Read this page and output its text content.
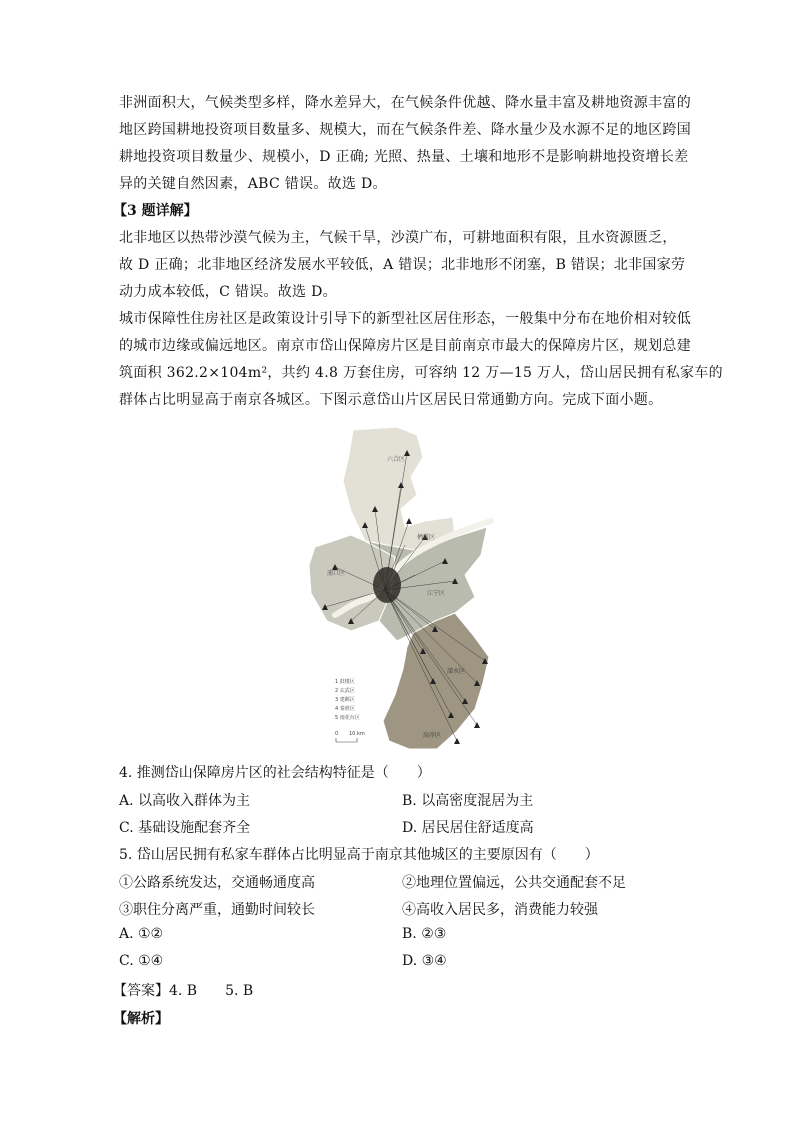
非洲面积大，气候类型多样，降水差异大，在气候条件优越、降水量丰富及耕地资源丰富的
地区跨国耕地投资项目数量多、规模大，而在气候条件差、降水量少及水源不足的地区跨国
耕地投资项目数量少、规模小，D 正确; 光照、热量、土壤和地形不是影响耕地投资增长差
异的关键自然因素，ABC 错误。故选 D。
【3 题详解】
北非地区以热带沙漠气候为主，气候干旱，沙漠广布，可耕地面积有限，且水资源匮乏，
故 D 正确；北非地区经济发展水平较低，A 错误；北非地形不闭塞，B 错误；北非国家劳
动力成本较低，C 错误。故选 D。
城市保障性住房社区是政策设计引导下的新型社区居住形态，一般集中分布在地价相对较低
的城市边缘或偏远地区。南京市岱山保障房片区是目前南京市最大的保障房片区，规划总建
筑面积 362.2×104m²，共约 4.8 万套住房，可容纳 12 万—15 万人，岱山居民拥有私家车的
群体占比明显高于南京各城区。下图示意岱山片区居民日常通勤方向。完成下面小题。
六合区
栖霞区
浦口区
江宁区
溧水区
高淳区
1 鼓楼区
2 玄武区
3 建邺区
4 秦淮区
5 雨花台区
0 10 km
4. 推测岱山保障房片区的社会结构特征是（　　）
A. 以高收入群体为主	B. 以高密度混居为主
C. 基础设施配套齐全	D. 居民居住舒适度高
5. 岱山居民拥有私家车群体占比明显高于南京其他城区的主要原因有（　　）
①公路系统发达，交通畅通度高	②地理位置偏远，公共交通配套不足
③职住分离严重，通勤时间较长	④高收入居民多，消费能力较强
A. ①②	B. ②③
C. ①④	D. ③④
【答案】4. B　　5. B
【解析】
